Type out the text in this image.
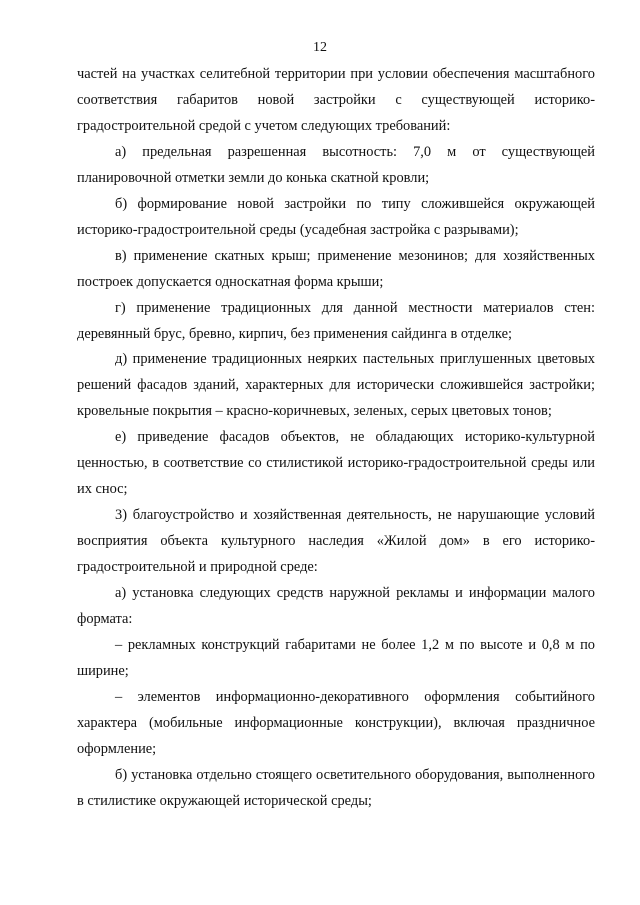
12

частей на участках селитебной территории при условии обеспечения масштабного соответствия габаритов новой застройки с существующей историко-градостроительной средой с учетом следующих требований:

а) предельная разрешенная высотность: 7,0 м от существующей планировочной отметки земли до конька скатной кровли;

б) формирование новой застройки по типу сложившейся окружающей историко-градостроительной среды (усадебная застройка с разрывами);

в) применение скатных крыш; применение мезонинов; для хозяйственных построек допускается односкатная форма крыши;

г) применение традиционных для данной местности материалов стен: деревянный брус, бревно, кирпич, без применения сайдинга в отделке;

д) применение традиционных неярких пастельных приглушенных цветовых решений фасадов зданий, характерных для исторически сложившейся застройки; кровельные покрытия – красно-коричневых, зеленых, серых цветовых тонов;

е) приведение фасадов объектов, не обладающих историко-культурной ценностью, в соответствие со стилистикой историко-градостроительной среды или их снос;

3) благоустройство и хозяйственная деятельность, не нарушающие условий восприятия объекта культурного наследия «Жилой дом» в его историко-градостроительной и природной среде:

а) установка следующих средств наружной рекламы и информации малого формата:

– рекламных конструкций габаритами не более 1,2 м по высоте и 0,8 м по ширине;

– элементов информационно-декоративного оформления событийного характера (мобильные информационные конструкции), включая праздничное оформление;

б) установка отдельно стоящего осветительного оборудования, выполненного в стилистике окружающей исторической среды;
